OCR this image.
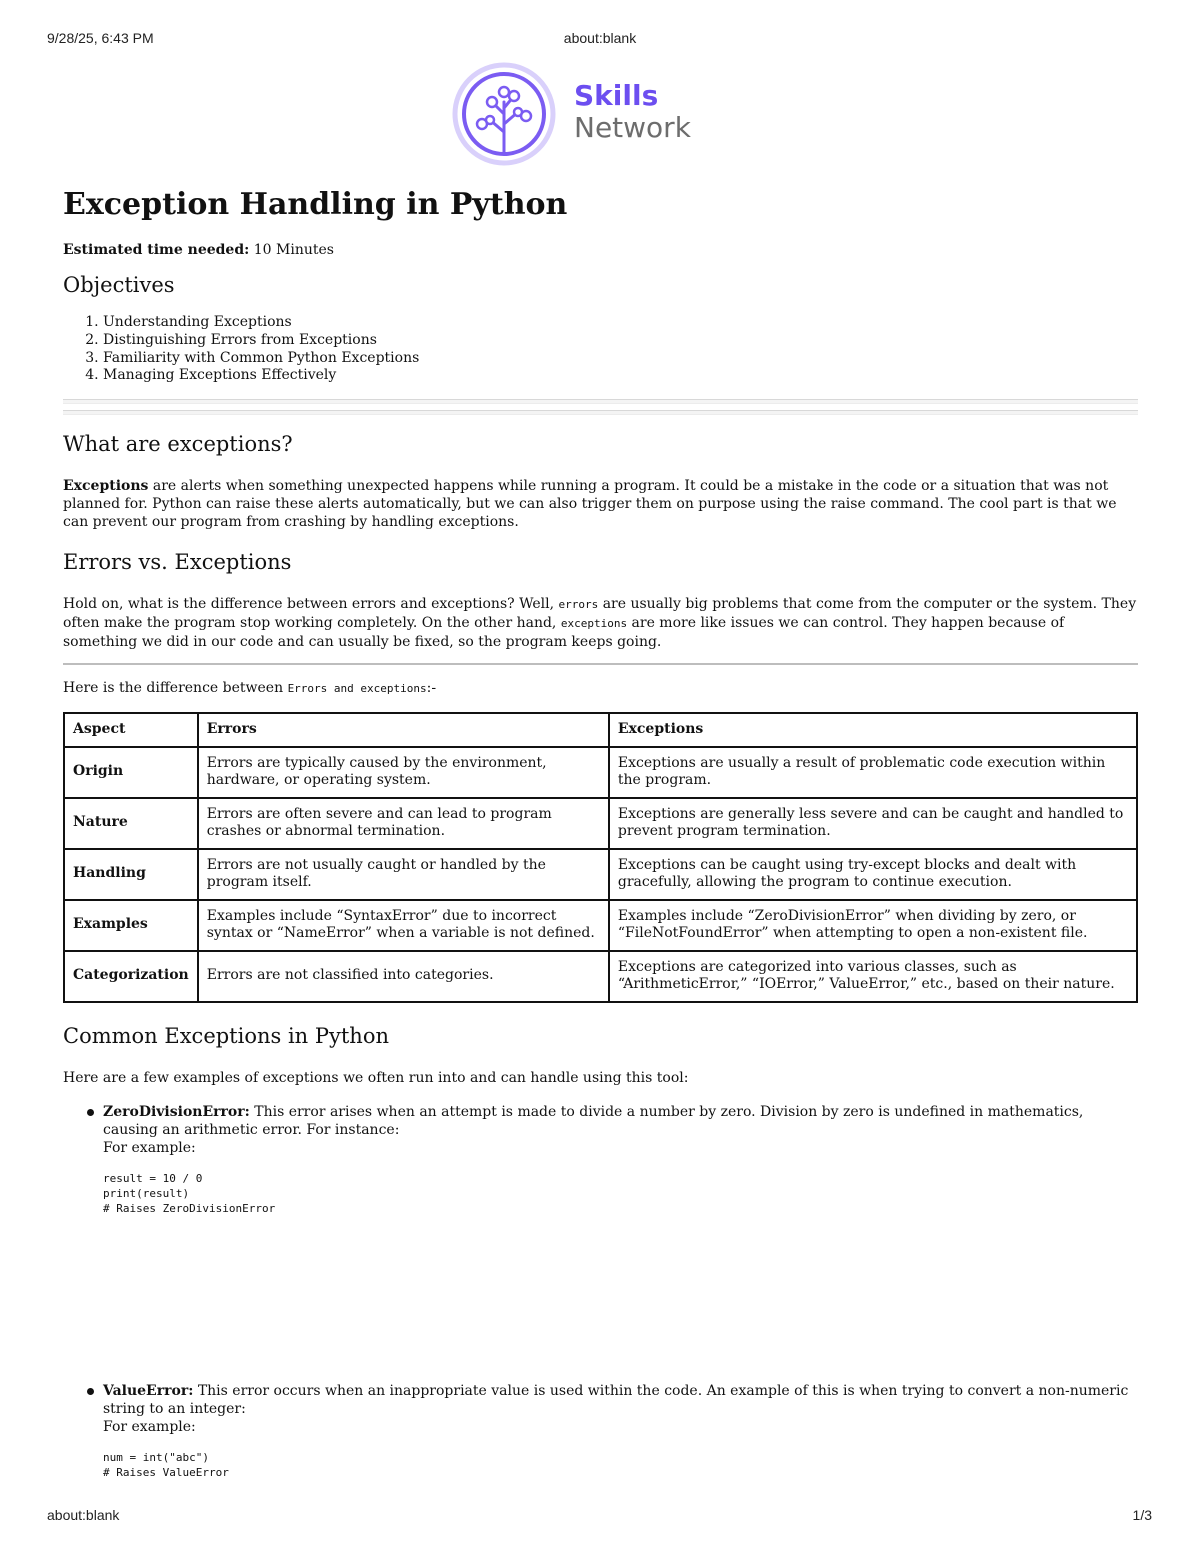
9/28/25, 6:43 PM	about:blank
Skills
Network
Exception Handling in Python

Estimated time needed: 10 Minutes

Objectives
1. Understanding Exceptions
2. Distinguishing Errors from Exceptions
3. Familiarity with Common Python Exceptions
4. Managing Exceptions Effectively
What are exceptions?

Exceptions are alerts when something unexpected happens while running a program. It could be a mistake in the code or a situation that was not planned for. Python can raise these alerts automatically, but we can also trigger them on purpose using the raise command. The cool part is that we can prevent our program from crashing by handling exceptions.

Errors vs. Exceptions

Hold on, what is the difference between errors and exceptions? Well, errors are usually big problems that come from the computer or the system. They often make the program stop working completely. On the other hand, exceptions are more like issues we can control. They happen because of something we did in our code and can usually be fixed, so the program keeps going.

Here is the difference between Errors and exceptions:-

Aspect	Errors	Exceptions
Origin	Errors are typically caused by the environment, hardware, or operating system.	Exceptions are usually a result of problematic code execution within the program.
Nature	Errors are often severe and can lead to program crashes or abnormal termination.	Exceptions are generally less severe and can be caught and handled to prevent program termination.
Handling	Errors are not usually caught or handled by the program itself.	Exceptions can be caught using try-except blocks and dealt with gracefully, allowing the program to continue execution.
Examples	Examples include “SyntaxError” due to incorrect syntax or “NameError” when a variable is not defined.	Examples include “ZeroDivisionError” when dividing by zero, or “FileNotFoundError” when attempting to open a non-existent file.
Categorization	Errors are not classified into categories.	Exceptions are categorized into various classes, such as “ArithmeticError,” “IOError,” ValueError,” etc., based on their nature.
Common Exceptions in Python

Here are a few examples of exceptions we often run into and can handle using this tool:

ZeroDivisionError: This error arises when an attempt is made to divide a number by zero. Division by zero is undefined in mathematics, causing an arithmetic error. For instance:
For example:
result = 10 / 0
print(result)
# Raises ZeroDivisionError
ValueError: This error occurs when an inappropriate value is used within the code. An example of this is when trying to convert a non-numeric string to an integer:
For example:
num = int("abc")
# Raises ValueError
about:blank	1/3
